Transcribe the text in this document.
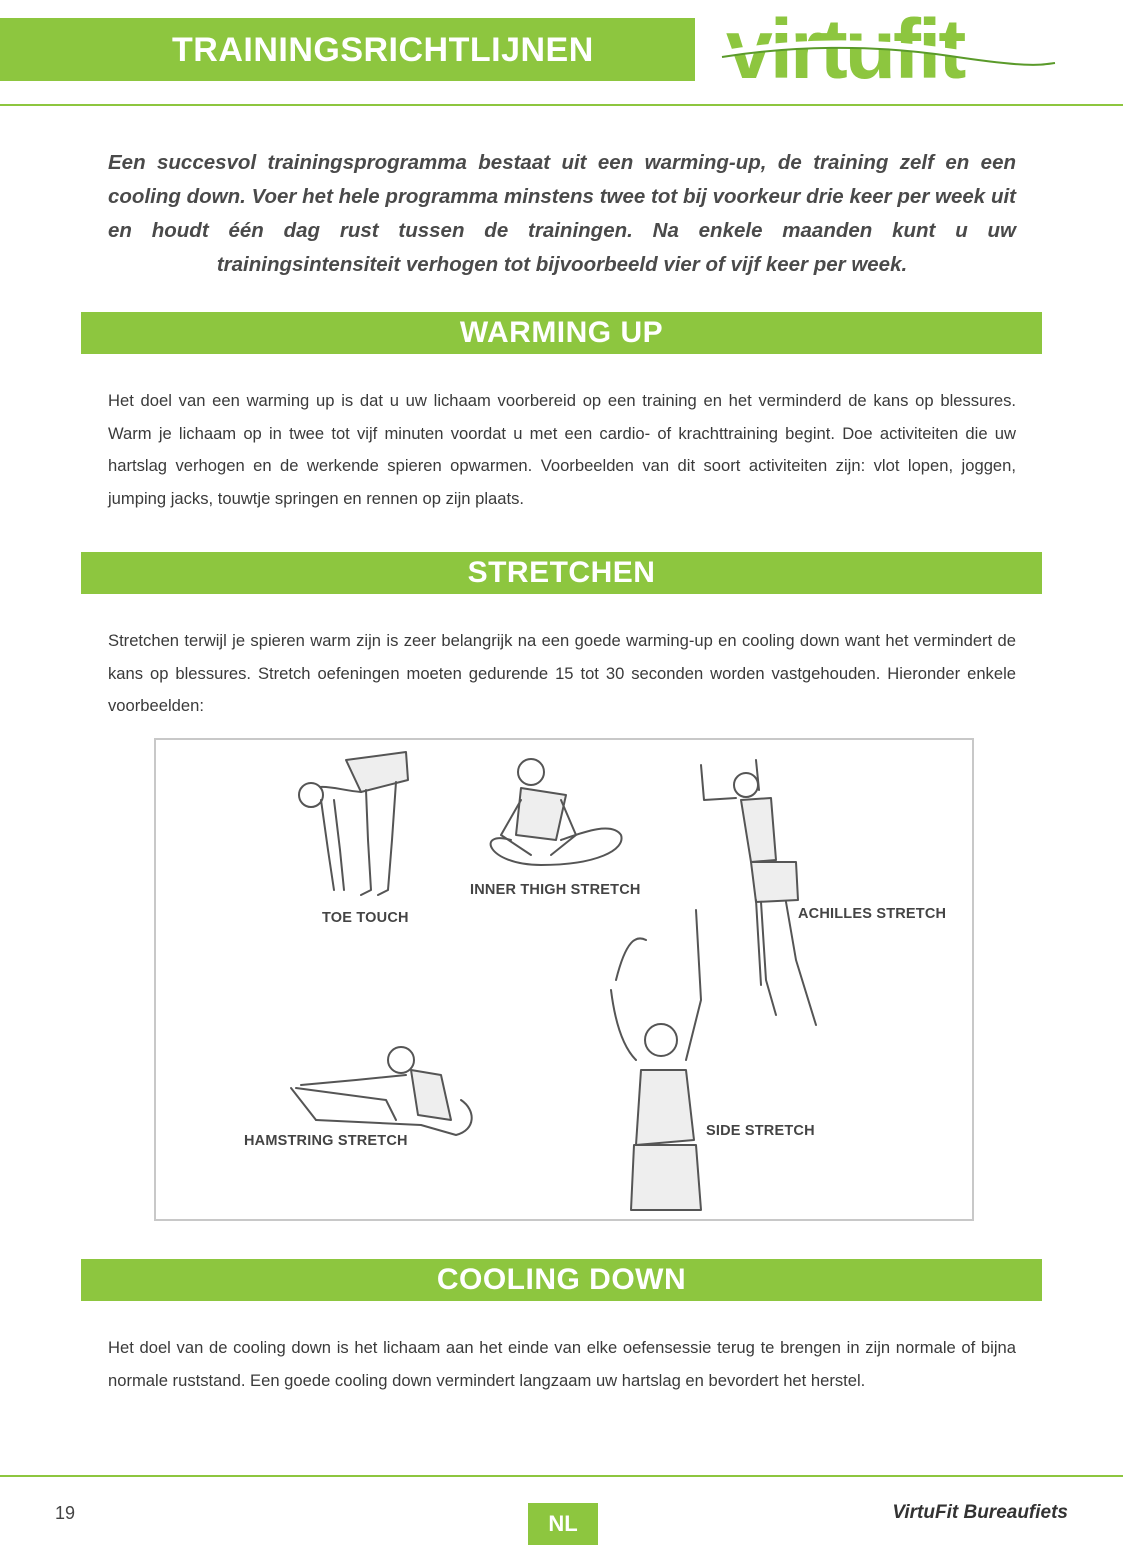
TRAININGSRICHTLIJNEN virtufit

Een succesvol trainingsprogramma bestaat uit een warming-up, de training zelf en een cooling down. Voer het hele programma minstens twee tot bij voorkeur drie keer per week uit en houdt één dag rust tussen de trainingen. Na enkele maanden kunt u uw trainingsintensiteit verhogen tot bijvoorbeeld vier of vijf keer per week.

WARMING UP

Het doel van een warming up is dat u uw lichaam voorbereid op een training en het verminderd de kans op blessures. Warm je lichaam op in twee tot vijf minuten voordat u met een cardio- of krachttraining begint. Doe activiteiten die uw hartslag verhogen en de werkende spieren opwarmen. Voorbeelden van dit soort activiteiten zijn: vlot lopen, joggen, jumping jacks, touwtje springen en rennen op zijn plaats.

STRETCHEN

Stretchen terwijl je spieren warm zijn is zeer belangrijk na een goede warming-up en cooling down want het vermindert de kans op blessures. Stretch oefeningen moeten gedurende 15 tot 30 seconden worden vastgehouden. Hieronder enkele voorbeelden:

TOE TOUCH
INNER THIGH STRETCH
ACHILLES STRETCH
HAMSTRING STRETCH
SIDE STRETCH
COOLING DOWN

Het doel van de cooling down is het lichaam aan het einde van elke oefensessie terug te brengen in zijn normale of bijna normale ruststand. Een goede cooling down vermindert langzaam uw hartslag en bevordert het herstel.

19	NL	VirtuFit Bureaufiets
